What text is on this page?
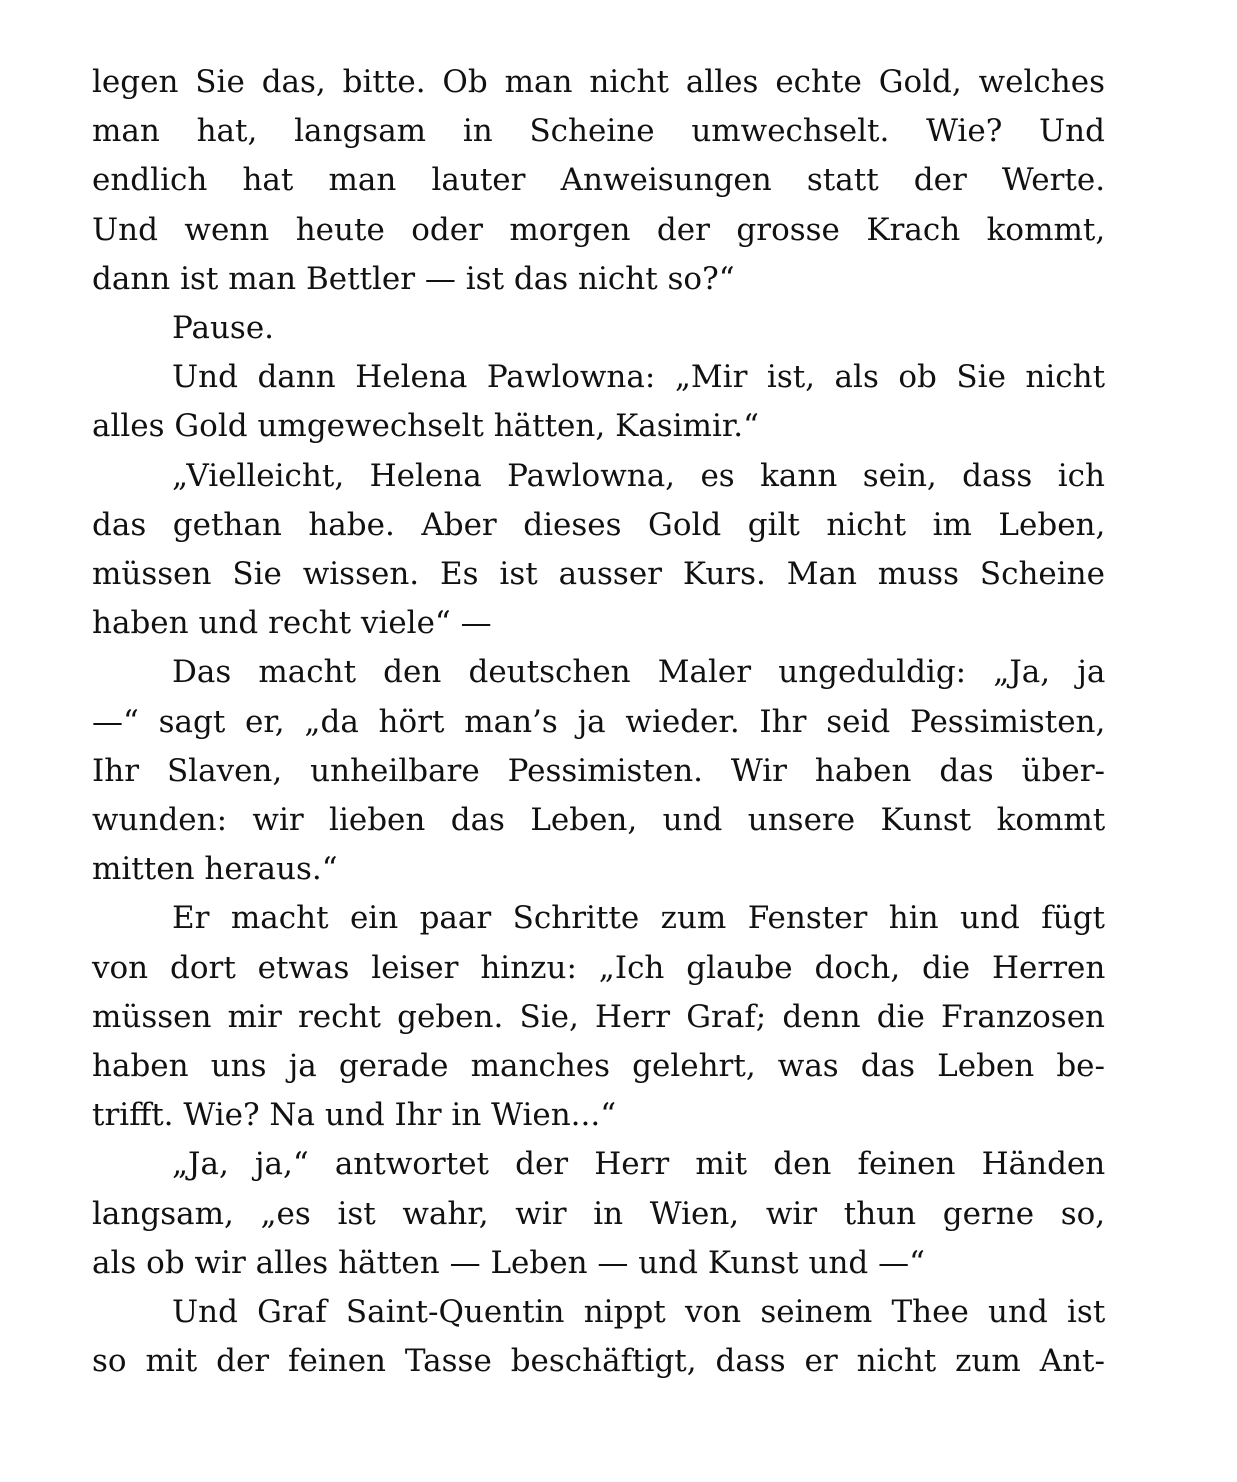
legen Sie das, bitte. Ob man nicht alles echte Gold, welches
man hat, langsam in Scheine umwechselt. Wie? Und
endlich hat man lauter Anweisungen statt der Werte.
Und wenn heute oder morgen der grosse Krach kommt,
dann ist man Bettler — ist das nicht so?“

Pause.

Und dann Helena Pawlowna: „Mir ist, als ob Sie nicht
alles Gold umgewechselt hätten, Kasimir.“

„Vielleicht, Helena Pawlowna, es kann sein, dass ich
das gethan habe. Aber dieses Gold gilt nicht im Leben,
müssen Sie wissen. Es ist ausser Kurs. Man muss Scheine
haben und recht viele“ —

Das macht den deutschen Maler ungeduldig: „Ja, ja
—“ sagt er, „da hört man’s ja wieder. Ihr seid Pessimisten,
Ihr Slaven, unheilbare Pessimisten. Wir haben das über-
wunden: wir lieben das Leben, und unsere Kunst kommt
mitten heraus.“

Er macht ein paar Schritte zum Fenster hin und fügt
von dort etwas leiser hinzu: „Ich glaube doch, die Herren
müssen mir recht geben. Sie, Herr Graf; denn die Franzosen
haben uns ja gerade manches gelehrt, was das Leben be-
trifft. Wie? Na und Ihr in Wien...“

„Ja, ja,“ antwortet der Herr mit den feinen Händen
langsam, „es ist wahr, wir in Wien, wir thun gerne so,
als ob wir alles hätten — Leben — und Kunst und —“

Und Graf Saint-Quentin nippt von seinem Thee und ist
so mit der feinen Tasse beschäftigt, dass er nicht zum Ant-
